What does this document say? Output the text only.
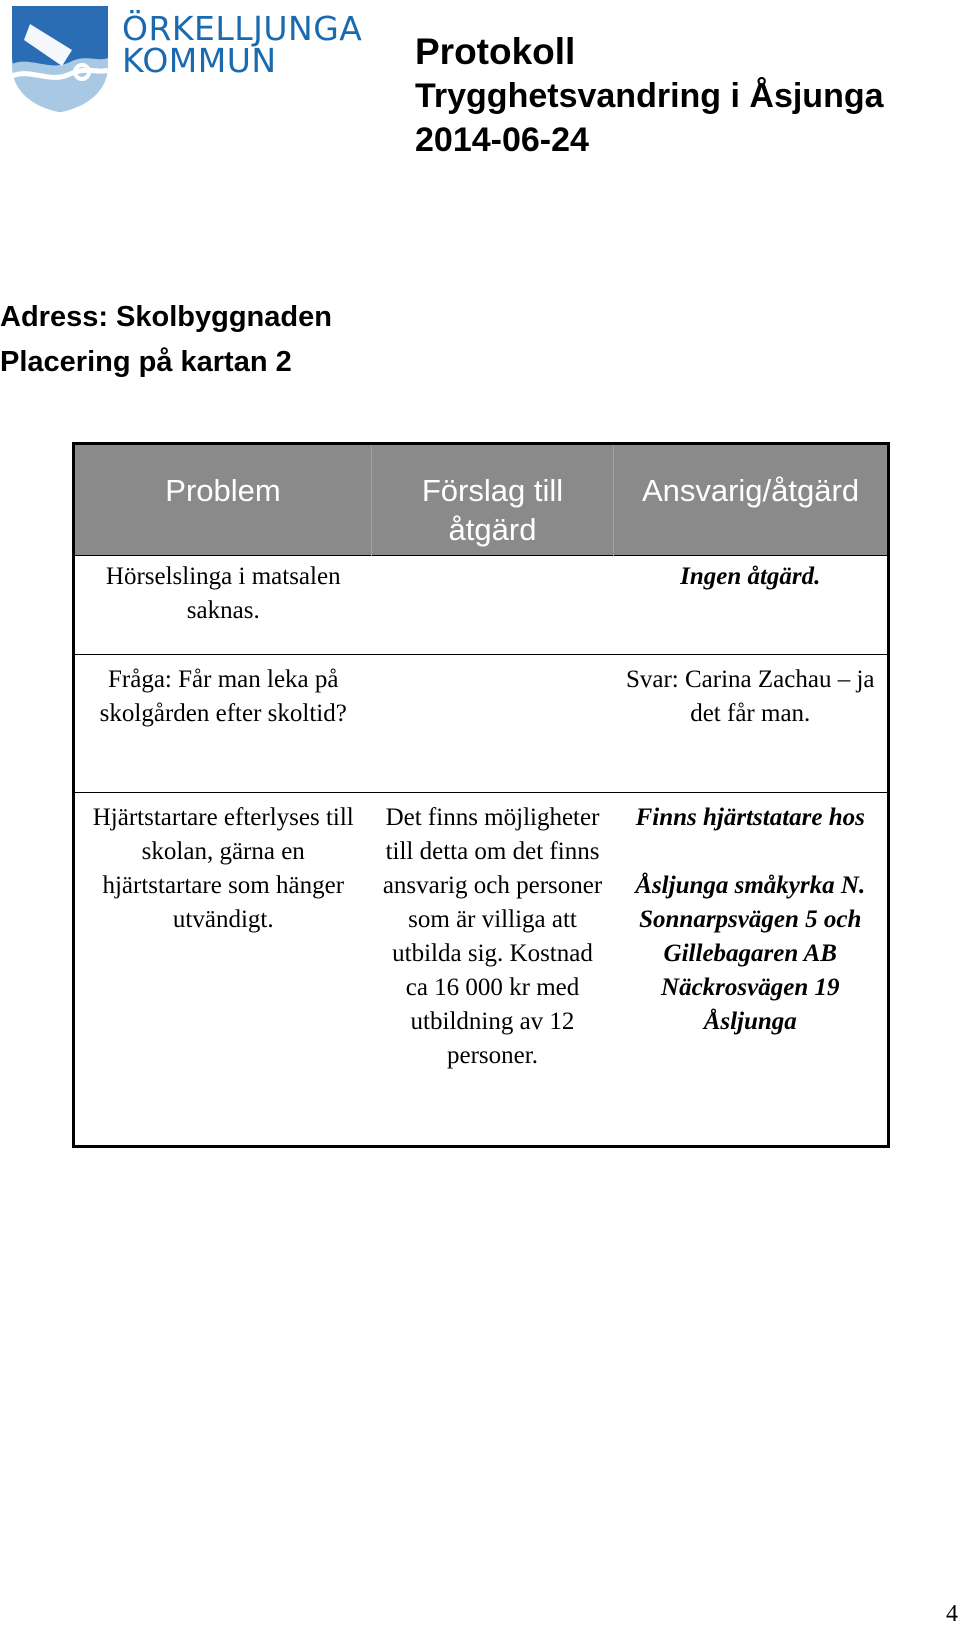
ÖRKELLJUNGA
KOMMUN	Protokoll
Trygghetsvandring i Åsjunga
2014-06-24
Adress: Skolbyggnaden
Placering på kartan 2
Problem	Förslag till åtgärd	Ansvarig/åtgärd
Hörselslinga i matsalen saknas.		Ingen åtgärd.
Fråga: Får man leka på skolgården efter skoltid?		Svar: Carina Zachau – ja det får man.
Hjärtstartare efterlyses till skolan, gärna en hjärtstartare som hänger utvändigt.	Det finns möjligheter till detta om det finns ansvarig och personer som är villiga att utbilda sig. Kostnad ca 16 000 kr med utbildning av 12 personer.	Finns hjärtstatare hos
Åsljunga småkyrka N. Sonnarpsvägen 5 och Gillebagaren AB Näckrosvägen 19 Åsljunga
4
